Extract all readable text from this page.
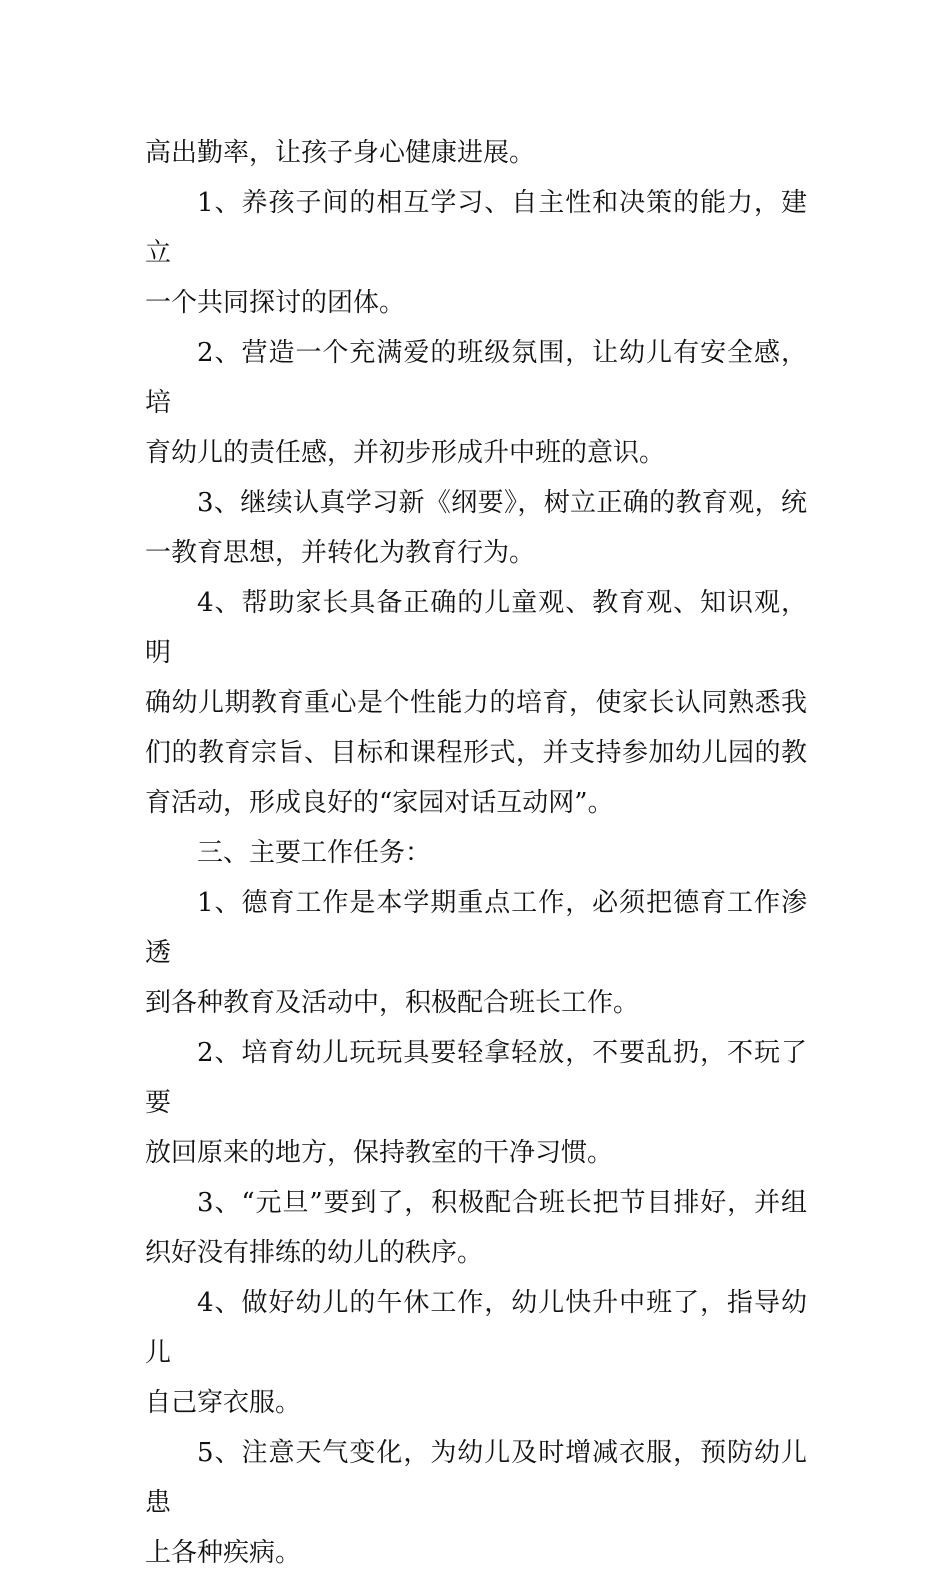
高出勤率，让孩子身心健康进展。

1、养孩子间的相互学习、自主性和决策的能力，建立
一个共同探讨的团体。

2、营造一个充满爱的班级氛围，让幼儿有安全感，培
育幼儿的责任感，并初步形成升中班的意识。

3、继续认真学习新《纲要》，树立正确的教育观，统
一教育思想，并转化为教育行为。

4、帮助家长具备正确的儿童观、教育观、知识观，明
确幼儿期教育重心是个性能力的培育，使家长认同熟悉我
们的教育宗旨、目标和课程形式，并支持参加幼儿园的教
育活动，形成良好的“家园对话互动网”。

三、主要工作任务：

1、德育工作是本学期重点工作，必须把德育工作渗透
到各种教育及活动中，积极配合班长工作。

2、培育幼儿玩玩具要轻拿轻放，不要乱扔，不玩了要
放回原来的地方，保持教室的干净习惯。

3、“元旦”要到了，积极配合班长把节目排好，并组
织好没有排练的幼儿的秩序。

4、做好幼儿的午休工作，幼儿快升中班了，指导幼儿
自己穿衣服。

5、注意天气变化，为幼儿及时增减衣服，预防幼儿患
上各种疾病。
